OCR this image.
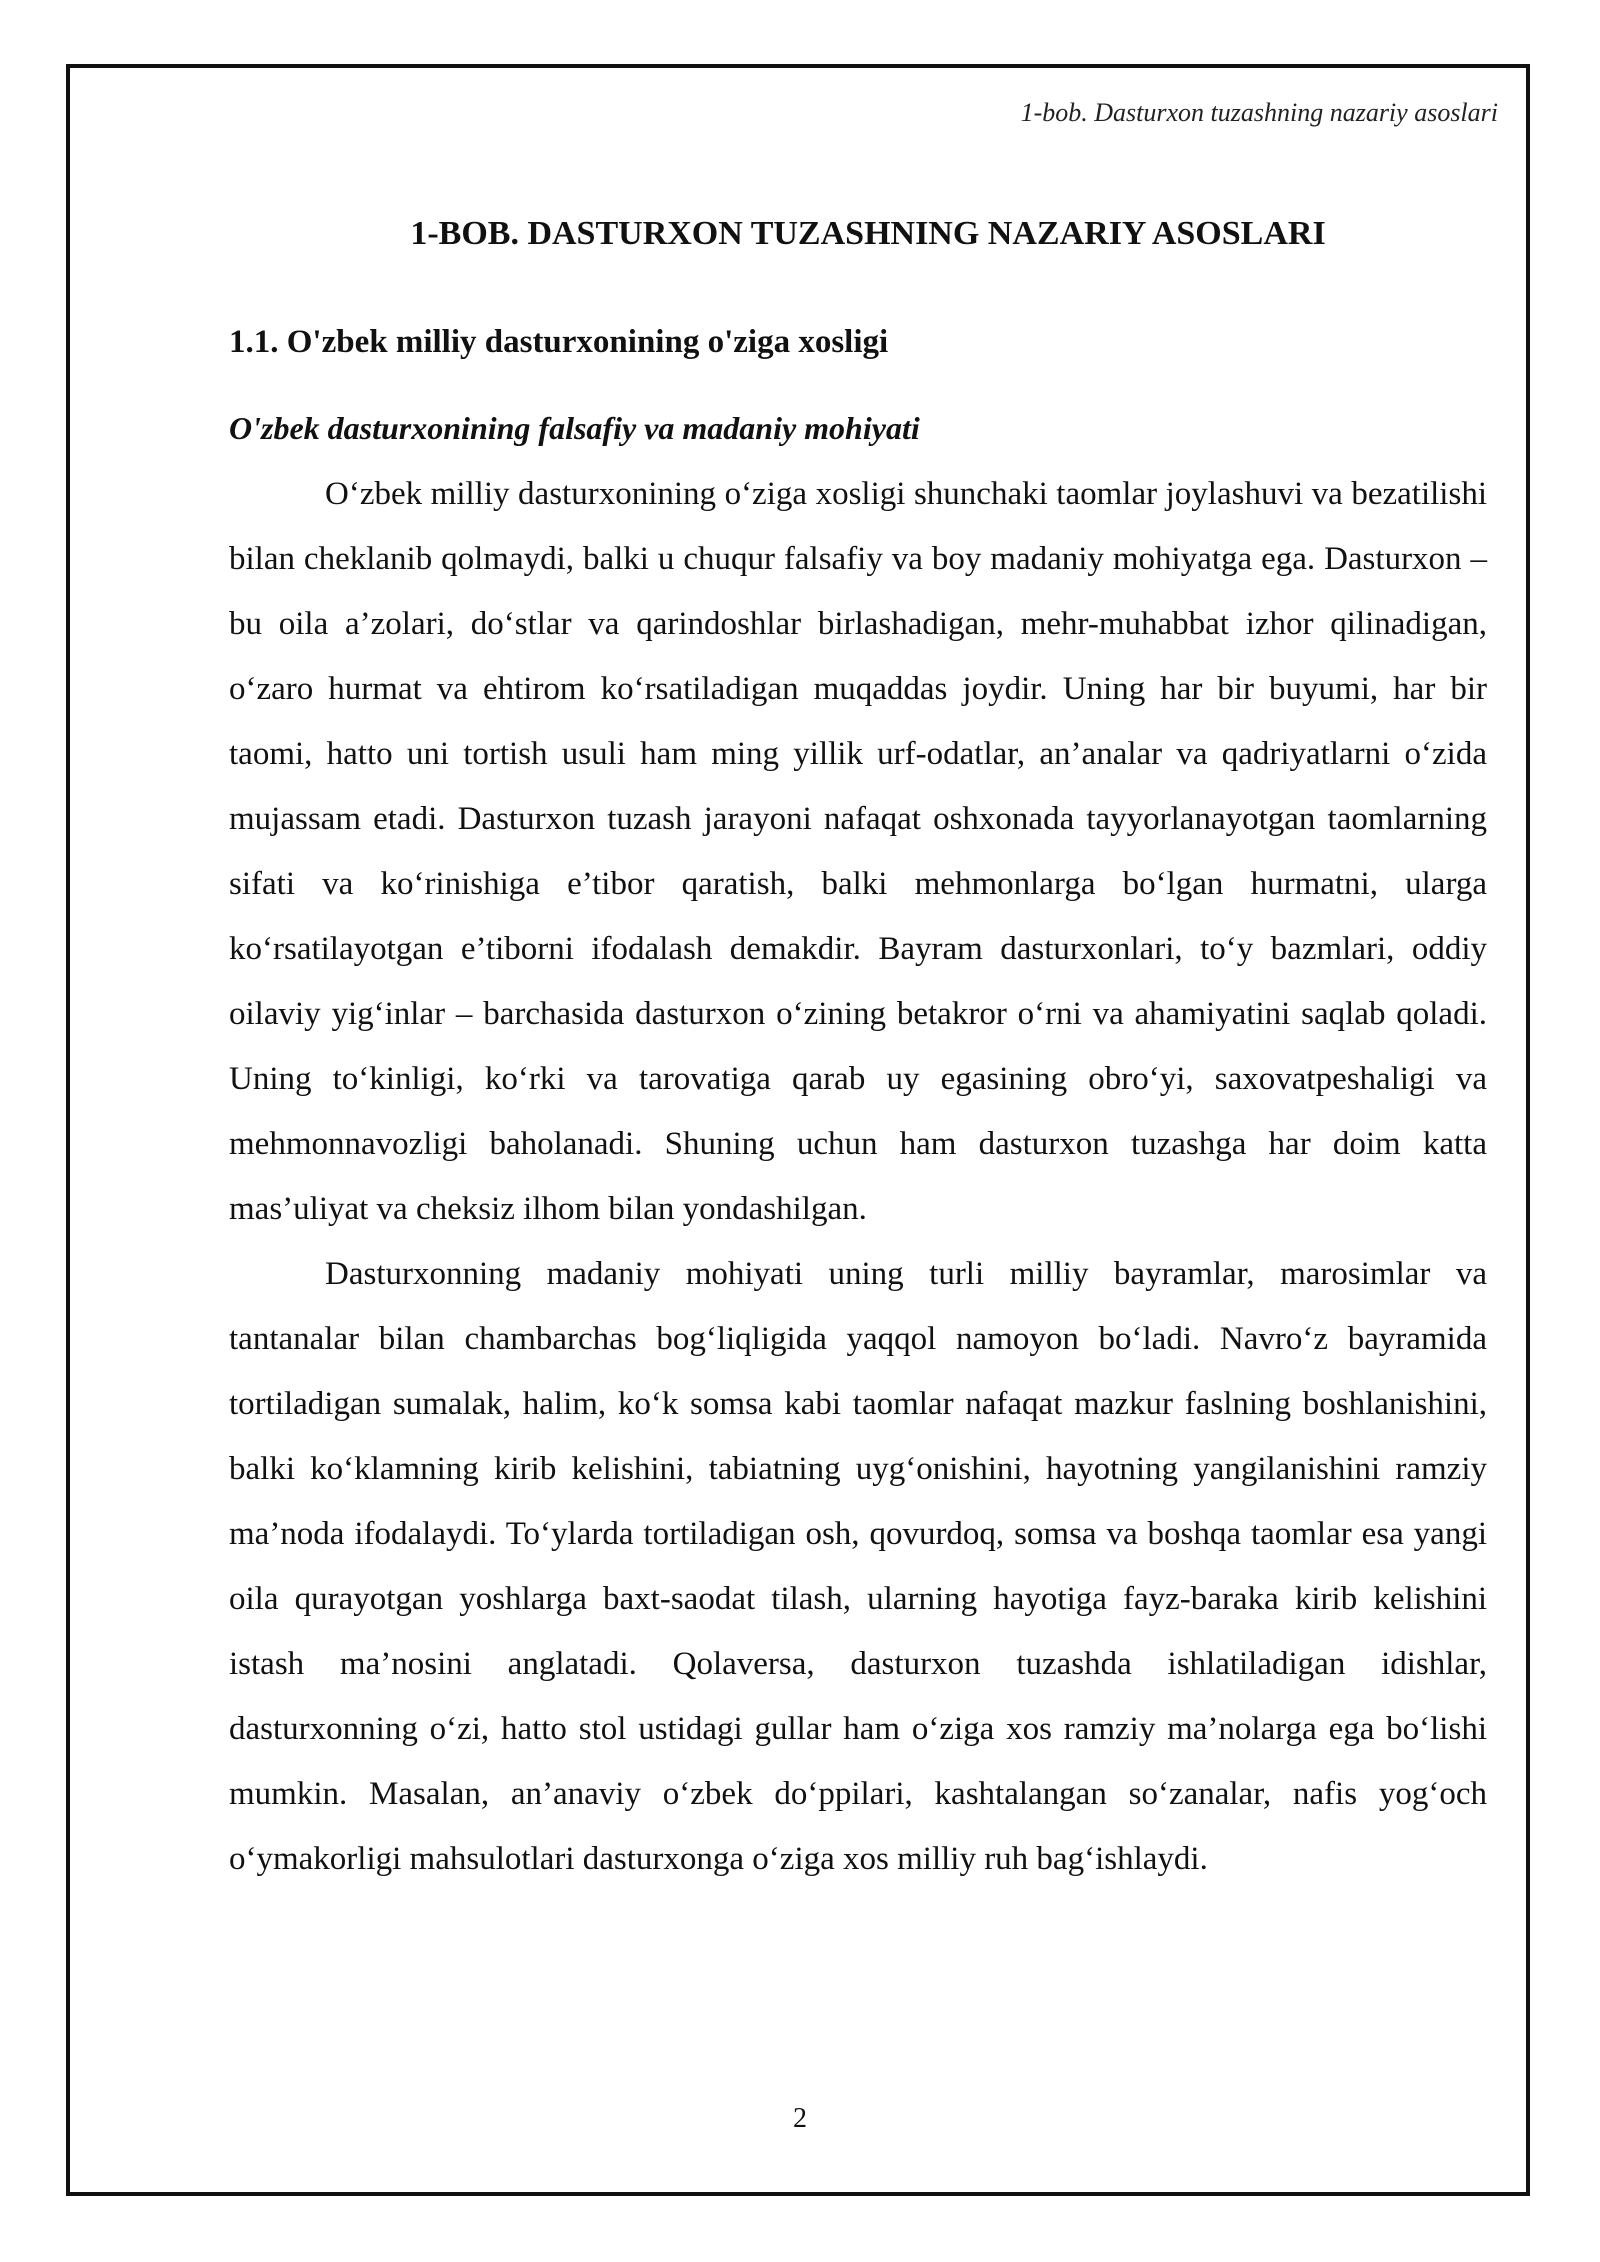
1-bob. Dasturxon tuzashning nazariy asoslari
1-BOB. DASTURXON TUZASHNING NAZARIY ASOSLARI
1.1. O'zbek milliy dasturxonining o'ziga xosligi
O'zbek dasturxonining falsafiy va madaniy mohiyati

O‘zbek milliy dasturxonining o‘ziga xosligi shunchaki taomlar joylashuvi va bezatilishi bilan cheklanib qolmaydi, balki u chuqur falsafiy va boy madaniy mohiyatga ega. Dasturxon – bu oila a’zolari, do‘stlar va qarindoshlar birlashadigan, mehr-muhabbat izhor qilinadigan, o‘zaro hurmat va ehtirom ko‘rsatiladigan muqaddas joydir. Uning har bir buyumi, har bir taomi, hatto uni tortish usuli ham ming yillik urf-odatlar, an’analar va qadriyatlarni o‘zida mujassam etadi. Dasturxon tuzash jarayoni nafaqat oshxonada tayyorlanayotgan taomlarning sifati va ko‘rinishiga e’tibor qaratish, balki mehmonlarga bo‘lgan hurmatni, ularga ko‘rsatilayotgan e’tiborni ifodalash demakdir. Bayram dasturxonlari, to‘y bazmlari, oddiy oilaviy yig‘inlar – barchasida dasturxon o‘zining betakror o‘rni va ahamiyatini saqlab qoladi. Uning to‘kinligi, ko‘rki va tarovatiga qarab uy egasining obro‘yi, saxovatpeshaligi va mehmonnavozligi baholanadi. Shuning uchun ham dasturxon tuzashga har doim katta mas’uliyat va cheksiz ilhom bilan yondashilgan.

Dasturxonning madaniy mohiyati uning turli milliy bayramlar, marosimlar va tantanalar bilan chambarchas bog‘liqligida yaqqol namoyon bo‘ladi. Navro‘z bayramida tortiladigan sumalak, halim, ko‘k somsa kabi taomlar nafaqat mazkur faslning boshlanishini, balki ko‘klamning kirib kelishini, tabiatning uyg‘onishini, hayotning yangilanishini ramziy ma’noda ifodalaydi. To‘ylarda tortiladigan osh, qovurdoq, somsa va boshqa taomlar esa yangi oila qurayotgan yoshlarga baxt-saodat tilash, ularning hayotiga fayz-baraka kirib kelishini istash ma’nosini anglatadi. Qolaversa, dasturxon tuzashda ishlatiladigan idishlar, dasturxonning o‘zi, hatto stol ustidagi gullar ham o‘ziga xos ramziy ma’nolarga ega bo‘lishi mumkin. Masalan, an’anaviy o‘zbek do‘ppilari, kashtalangan so‘zanalar, nafis yog‘och o‘ymakorligi mahsulotlari dasturxonga o‘ziga xos milliy ruh bag‘ishlaydi.

2
